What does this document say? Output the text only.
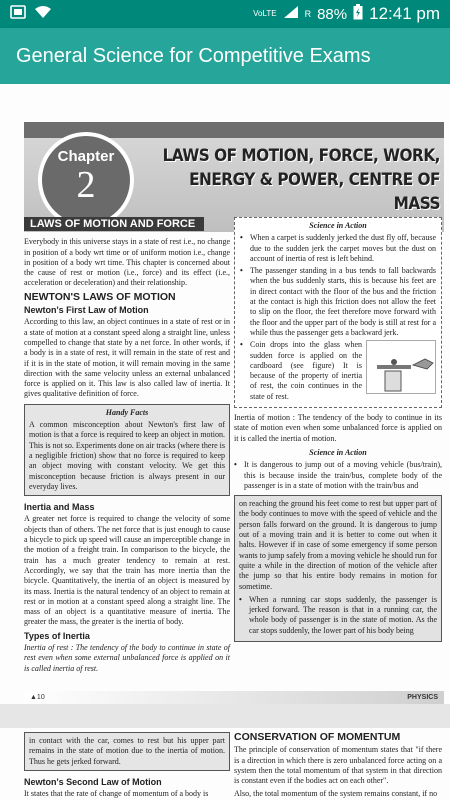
VoLTE	R 88% 12:41 pm
General Science for Competitive Exams
Chapter
2
LAWS OF MOTION, FORCE, WORK, ENERGY & POWER, CENTRE OF MASS
LAWS OF MOTION AND FORCE
Everybody in this universe stays in a state of rest i.e., no change in position of a body wrt time or of uniform motion i.e., change in position of a body wrt time. This chapter is concerned about the cause of rest or motion (i.e., force) and its effect (i.e., acceleration or deceleration) and their relationship.
NEWTON'S LAWS OF MOTION
Newton's First Law of Motion
According to this law, an object continues in a state of rest or in a state of motion at a constant speed along a straight line, unless compelled to change that state by a net force. In other words, if a body is in a state of rest, it will remain in the state of rest and if it is in the state of motion, it will remain moving in the same direction with the same velocity unless an external unbalanced force is applied on it. This law is also called law of inertia. It gives qualitative definition of force.
Handy Facts
A common misconception about Newton's first law of motion is that a force is required to keep an object in motion. This is not so. Experiments done on air tracks (where there is a negligible friction) show that no force is required to keep an object moving with constant velocity. We get this misconception because friction is always present in our everyday lives.
Inertia and Mass
A greater net force is required to change the velocity of some objects than of others. The net force that is just enough to cause a bicycle to pick up speed will cause an imperceptible change in the motion of a freight train. In comparison to the bicycle, the train has a much greater tendency to remain at rest. Accordingly, we say that the train has more inertia than the bicycle. Quantitatively, the inertia of an object is measured by its mass. Inertia is the natural tendency of an object to remain at rest or in motion at a constant speed along a straight line. The mass of an object is a quantitative measure of inertia. The greater the mass, the greater is the inertia of body.
Types of Inertia
Inertia of rest : The tendency of the body to continue in state of rest even when some external unbalanced force is applied on it is called inertia of rest.
Science in Action
• When a carpet is suddenly jerked the dust fly off, because due to the sudden jerk the carpet moves but the dust on account of inertia of rest is left behind.
• The passenger standing in a bus tends to fall backwards when the bus suddenly starts, this is because his feet are in direct contact with the floor of the bus and the friction at the contact is high this friction does not allow the feet to slip on the floor, the feet therefore move forward with the floor and the upper part of the body is still at rest for a while thus the passenger gets a backward jerk.
• Coin drops into the glass when sudden force is applied on the cardboard (see figure) It is because of the property of inertia of rest, the coin continues in the state of rest.
Inertia of motion : The tendency of the body to continue in its state of motion even when some unbalanced force is applied on it is called the inertia of motion.
Science in Action
• It is dangerous to jump out of a moving vehicle (bus/train), this is because inside the train/bus, complete body of the passenger is in a state of motion with the train/bus and
on reaching the ground his feet come to rest but upper part of the body continues to move with the speed of vehicle and the person falls forward on the ground. It is dangerous to jump out of a moving train and it is better to come out when it halts. However if in case of some emergency if some person wants to jump safely from a moving vehicle he should run for quite a while in the direction of motion of the vehicle after the jump so that his entire body remains in motion for sometime.
• When a running car stops suddenly, the passenger is jerked forward. The reason is that in a running car, the whole body of passenger is in the state of motion. As the car stops suddenly, the lower part of his body being
▲10	PHYSICS
in contact with the car, comes to rest but his upper part remains in the state of motion due to the inertia of motion. Thus he gets jerked forward.
Newton's Second Law of Motion
It states that the rate of change of momentum of a body is
CONSERVATION OF MOMENTUM
The principle of conservation of momentum states that "if there is a direction in which there is zero unbalanced force acting on a system then the total momentum of that system in that direction is constant even if the bodies act on each other".
Also, the total momentum of the system remains constant, if no
